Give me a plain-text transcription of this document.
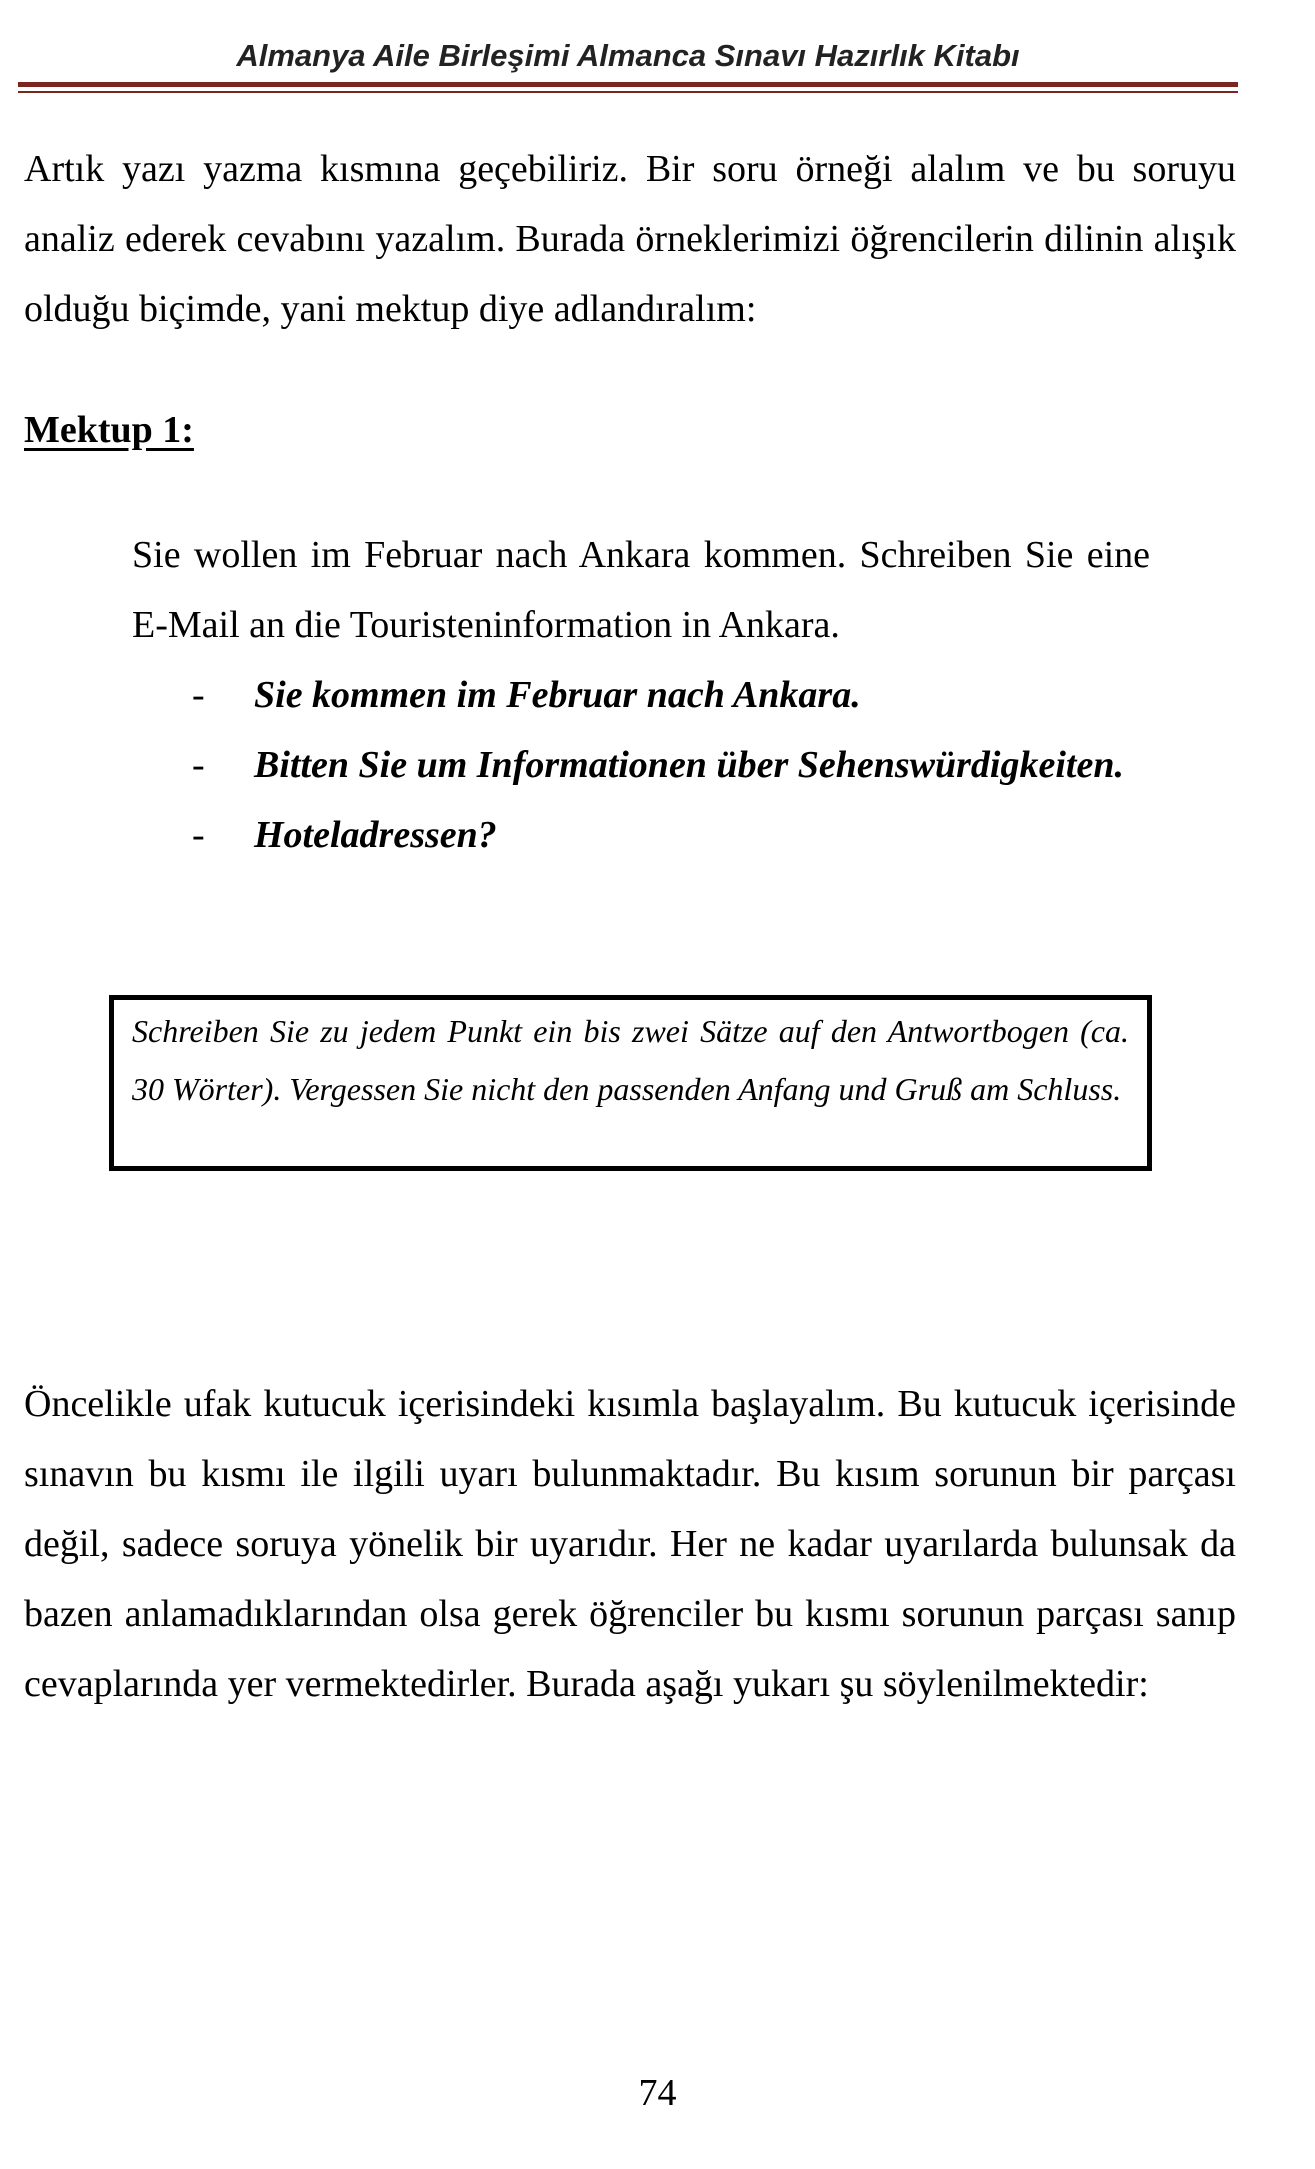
Almanya Aile Birleşimi Almanca Sınavı Hazırlık Kitabı

Artık yazı yazma kısmına geçebiliriz. Bir soru örneği alalım ve bu soruyu analiz ederek cevabını yazalım. Burada örneklerimizi öğrencilerin dilinin alışık olduğu biçimde, yani mektup diye adlandıralım:

Mektup 1:

Sie wollen im Februar nach Ankara kommen. Schreiben Sie eine E-Mail an die Touristeninformation in Ankara.

- Sie kommen im Februar nach Ankara.
- Bitten Sie um Informationen über Sehenswürdigkeiten.
- Hoteladressen?
Schreiben Sie zu jedem Punkt ein bis zwei Sätze auf den Antwortbogen (ca. 30 Wörter). Vergessen Sie nicht den passenden Anfang und Gruß am Schluss.

Öncelikle ufak kutucuk içerisindeki kısımla başlayalım. Bu kutucuk içerisinde sınavın bu kısmı ile ilgili uyarı bulunmaktadır. Bu kısım sorunun bir parçası değil, sadece soruya yönelik bir uyarıdır. Her ne kadar uyarılarda bulunsak da bazen anlamadıklarından olsa gerek öğrenciler bu kısmı sorunun parçası sanıp cevaplarında yer vermektedirler. Burada aşağı yukarı şu söylenilmektedir:

74
